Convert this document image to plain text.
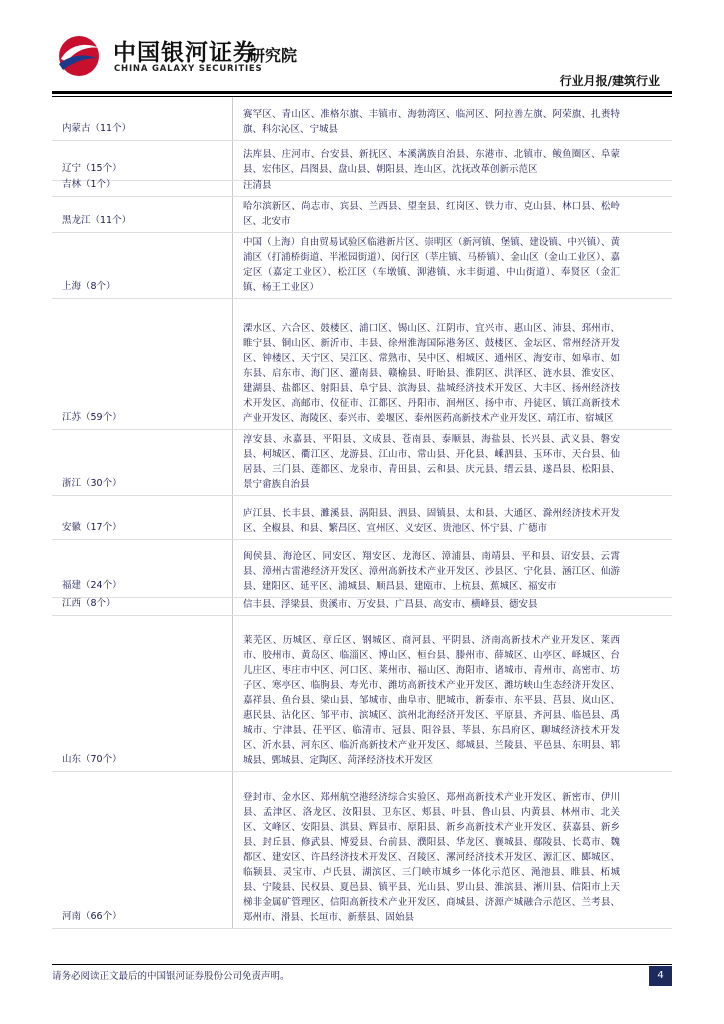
中国银河证券
CHINA GALAXY SECURITIES
研究院
行业月报/建筑行业
内蒙古（11个）
赛罕区、青山区、准格尔旗、丰镇市、海勃湾区、临河区、阿拉善左旗、阿荣旗、扎赉特旗、科尔沁区、宁城县
辽宁（15个）
法库县、庄河市、台安县、新抚区、本溪满族自治县、东港市、北镇市、鲅鱼圈区、阜蒙县、宏伟区、昌图县、盘山县、朝阳县、连山区、沈抚改革创新示范区
吉林（1个）	汪清县
黑龙江（11个）
哈尔滨新区、尚志市、宾县、兰西县、望奎县、红岗区、铁力市、克山县、林口县、松岭区、北安市
上海（8个）
中国（上海）自由贸易试验区临港新片区、崇明区（新河镇、堡镇、建设镇、中兴镇）、黄浦区（打浦桥街道、半淞园街道）、闵行区（莘庄镇、马桥镇）、金山区（金山工业区）、嘉定区（嘉定工业区）、松江区（车墩镇、泖港镇、永丰街道、中山街道）、奉贤区（金汇镇、杨王工业区）
江苏（59个）
溧水区、六合区、鼓楼区、浦口区、锡山区、江阴市、宜兴市、惠山区、沛县、邳州市、睢宁县、铜山区、新沂市、丰县、徐州淮海国际港务区、鼓楼区、金坛区、常州经济开发区、钟楼区、天宁区、吴江区、常熟市、吴中区、相城区、通州区、海安市、如皋市、如东县、启东市、海门区、灌南县、赣榆县、盱眙县、淮阴区、洪泽区、涟水县、淮安区、建湖县、盐都区、射阳县、阜宁县、滨海县、盐城经济技术开发区、大丰区、扬州经济技术开发区、高邮市、仪征市、江都区、丹阳市、润州区、扬中市、丹徒区、镇江高新技术产业开发区、海陵区、泰兴市、姜堰区、泰州医药高新技术产业开发区、靖江市、宿城区
浙江（30个）
淳安县、永嘉县、平阳县、文成县、苍南县、泰顺县、海盐县、长兴县、武义县、磐安县、柯城区、衢江区、龙游县、江山市、常山县、开化县、嵊泗县、玉环市、天台县、仙居县、三门县、莲都区、龙泉市、青田县、云和县、庆元县、缙云县、遂昌县、松阳县、景宁畲族自治县
安徽（17个）
庐江县、长丰县、濉溪县、涡阳县、泗县、固镇县、太和县、大通区、滁州经济技术开发区、全椒县、和县、繁昌区、宣州区、义安区、贵池区、怀宁县、广德市
福建（24个）
闽侯县、海沧区、同安区、翔安区、龙海区、漳浦县、南靖县、平和县、诏安县、云霄县、漳州古雷港经济开发区、漳州高新技术产业开发区、沙县区、宁化县、涵江区、仙游县、建阳区、延平区、浦城县、顺昌县、建瓯市、上杭县、蕉城区、福安市
江西（8个）	信丰县、浮梁县、贵溪市、万安县、广昌县、高安市、横峰县、德安县
山东（70个）
莱芜区、历城区、章丘区、钢城区、商河县、平阴县、济南高新技术产业开发区、莱西市、胶州市、黄岛区、临淄区、博山区、桓台县、滕州市、薛城区、山亭区、峄城区、台儿庄区、枣庄市中区、河口区、莱州市、福山区、海阳市、诸城市、青州市、高密市、坊子区、寒亭区、临朐县、寿光市、潍坊高新技术产业开发区、潍坊峡山生态经济开发区、嘉祥县、鱼台县、梁山县、邹城市、曲阜市、肥城市、新泰市、东平县、莒县、岚山区、惠民县、沾化区、邹平市、滨城区、滨州北海经济开发区、平原县、齐河县、临邑县、禹城市、宁津县、茌平区、临清市、冠县、阳谷县、莘县、东昌府区、聊城经济技术开发区、沂水县、河东区、临沂高新技术产业开发区、郯城县、兰陵县、平邑县、东明县、郓城县、鄄城县、定陶区、菏泽经济技术开发区
河南（66个）
登封市、金水区、郑州航空港经济综合实验区、郑州高新技术产业开发区、新密市、伊川县、孟津区、洛龙区、汝阳县、卫东区、郏县、叶县、鲁山县、内黄县、林州市、北关区、文峰区、安阳县、淇县、辉县市、原阳县、新乡高新技术产业开发区、获嘉县、新乡县、封丘县、修武县、博爱县、台前县、濮阳县、华龙区、襄城县、鄢陵县、长葛市、魏都区、建安区、许昌经济技术开发区、召陵区、漯河经济技术开发区、源汇区、郾城区、临颍县、灵宝市、卢氏县、湖滨区、三门峡市城乡一体化示范区、渑池县、睢县、柘城县、宁陵县、民权县、夏邑县、镇平县、光山县、罗山县、淮滨县、淅川县、信阳市上天梯非金属矿管理区、信阳高新技术产业开发区、商城县、济源产城融合示范区、兰考县、郑州市、滑县、长垣市、新蔡县、固始县
请务必阅读正文最后的中国银河证券股份公司免责声明。	4
